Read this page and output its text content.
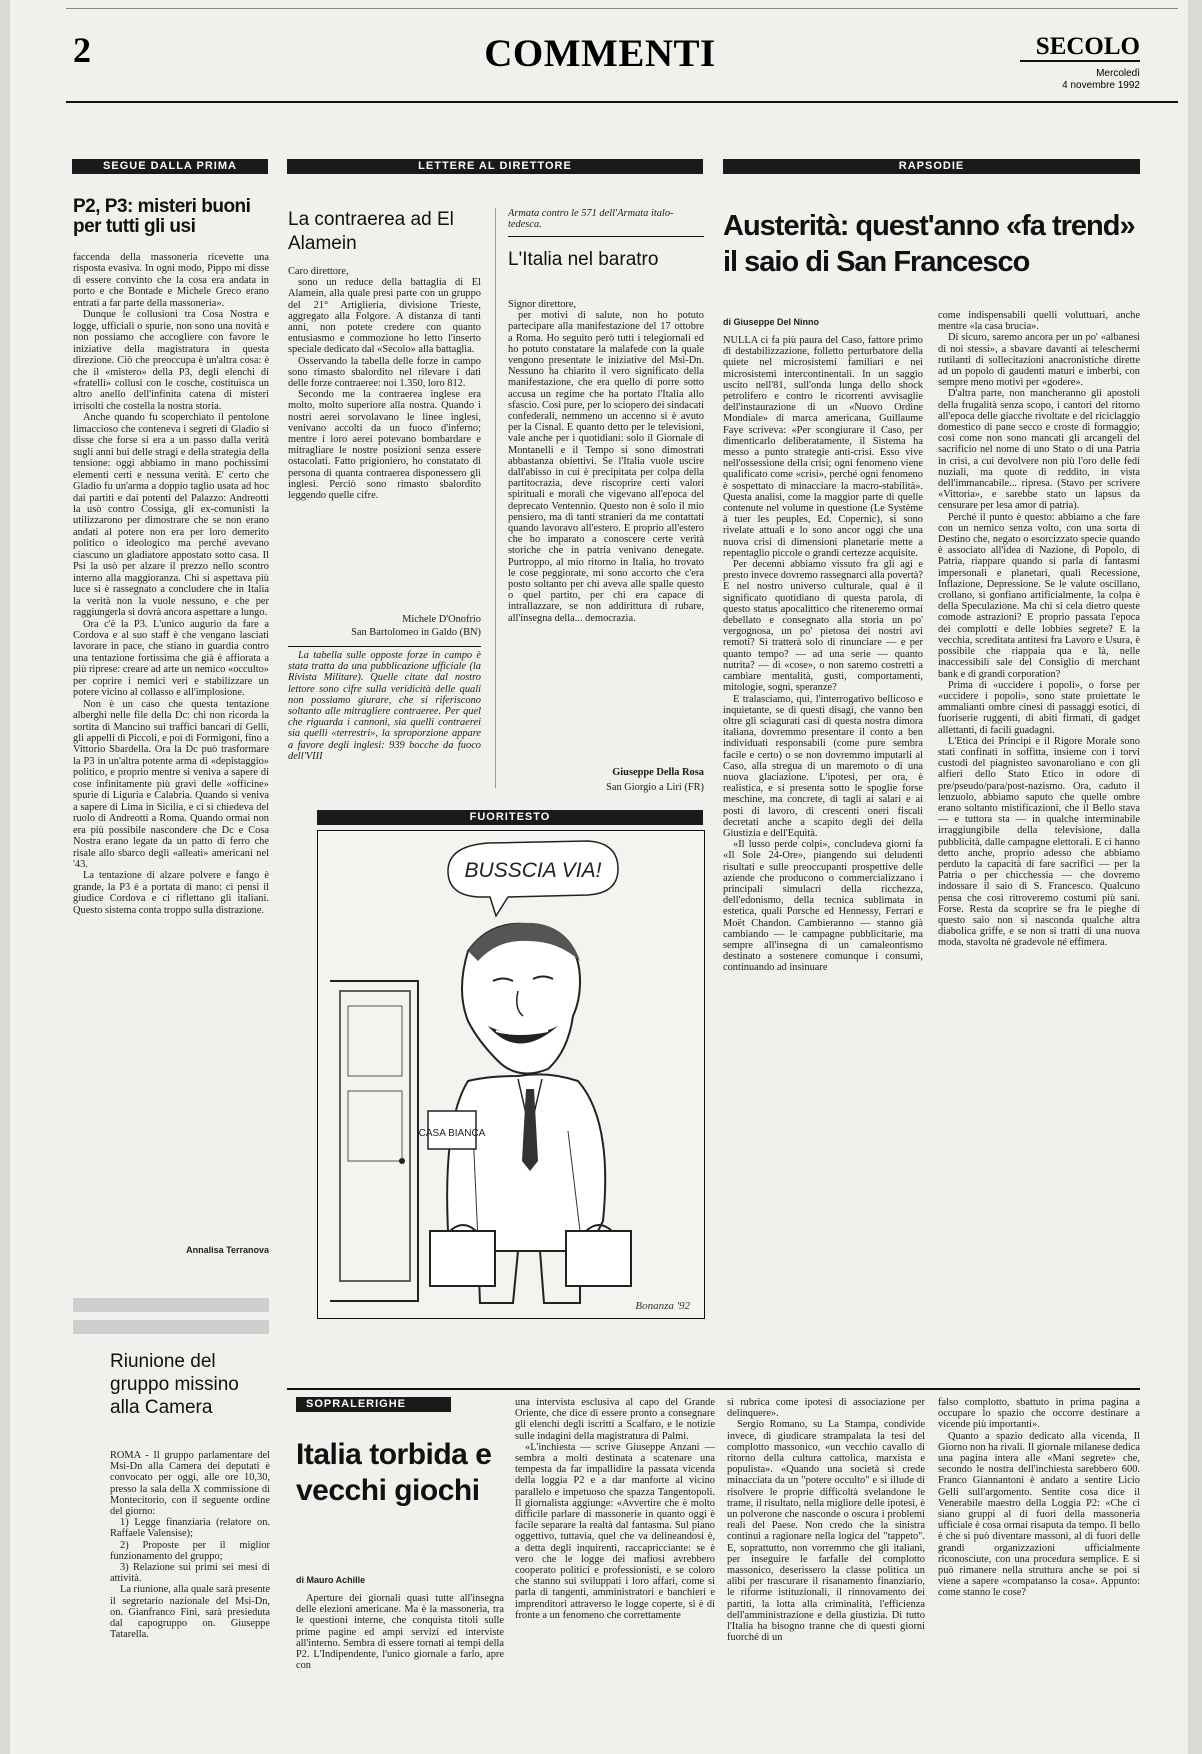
2	COMMENTI	SECOLO
Mercoledì
4 novembre 1992
SEGUE DALLA PRIMA
P2, P3: misteri buoni per tutti gli usi

faccenda della massoneria ricevette una risposta evasiva. In ogni modo, Pippo mi disse di essere convinto che la cosa era andata in porto e che Bontade e Michele Greco erano entrati a far parte della massoneria».

Dunque le collusioni tra Cosa Nostra e logge, ufficiali o spurie, non sono una novità e non possiamo che accogliere con favore le iniziative della magistratura in questa direzione. Ciò che preoccupa è un'altra cosa: è che il «mistero» della P3, degli elenchi di «fratelli» collusi con le cosche, costituisca un altro anello dell'infinita catena di misteri irrisolti che costella la nostra storia.

Anche quando fu scoperchiato il pentolone limaccioso che conteneva i segreti di Gladio si disse che forse si era a un passo dalla verità sugli anni bui delle stragi e della strategia della tensione: oggi abbiamo in mano pochissimi elementi certi e nessuna verità. E' certo che Gladio fu un'arma a doppio taglio usata ad hoc dai partiti e dai potenti del Palazzo: Andreotti la usò contro Cossiga, gli ex-comunisti la utilizzarono per dimostrare che se non erano andati al potere non era per loro demerito politico o ideologico ma perché avevano ciascuno un gladiatore appostato sotto casa. Il Psi la usò per alzare il prezzo nello scontro interno alla maggioranza. Chi si aspettava più luce si è rassegnato a concludere che in Italia la verità non la vuole nessuno, e che per raggiungerla si dovrà ancora aspettare a lungo.

Ora c'è la P3. L'unico augurio da fare a Cordova e al suo staff è che vengano lasciati lavorare in pace, che stiano in guardia contro una tentazione fortissima che già è affiorata a più riprese: creare ad arte un nemico «occulto» per coprire i nemici veri e stabilizzare un potere vicino al collasso e all'implosione.

Non è un caso che questa tentazione alberghi nelle file della Dc: chi non ricorda la sortita di Mancino sui traffici bancari di Gelli, gli appelli di Piccoli, e poi di Formigoni, fino a Vittorio Sbardella. Ora la Dc può trasformare la P3 in un'altra potente arma di «depistaggio» politico, e proprio mentre si veniva a sapere di cose infinitamente più gravi delle «officine» spurie di Liguria e Calabria. Quando si veniva a sapere di Lima in Sicilia, e ci si chiedeva del ruolo di Andreotti a Roma. Quando ormai non era più possibile nascondere che Dc e Cosa Nostra erano legate da un patto di ferro che risale allo sbarco degli «alleati» americani nel '43.

La tentazione di alzare polvere e fango è grande, la P3 è a portata di mano: ci pensi il giudice Cordova e ci riflettano gli italiani. Questo sistema conta troppo sulla distrazione.

Annalisa Terranova
Riunione del gruppo missino alla Camera

ROMA - Il gruppo parlamentare del Msi-Dn alla Camera dei deputati è convocato per oggi, alle ore 10,30, presso la sala della X commissione di Montecitorio, con il seguente ordine del giorno:

1) Legge finanziaria (relatore on. Raffaele Valensise);

2) Proposte per il miglior funzionamento del gruppo;

3) Relazione sui primi sei mesi di attività.

La riunione, alla quale sarà presente il segretario nazionale del Msi-Dn, on. Gianfranco Fini, sarà presieduta dal capogruppo on. Giuseppe Tatarella.

LETTERE AL DIRETTORE
La contraerea ad El Alamein

Caro direttore,

sono un reduce della battaglia di El Alamein, alla quale presi parte con un gruppo del 21° Artiglieria, divisione Trieste, aggregato alla Folgore. A distanza di tanti anni, non potete credere con quanto entusiasmo e commozione ho letto l'inserto speciale dedicato dal «Secolo» alla battaglia.

Osservando la tabella delle forze in campo sono rimasto sbalordito nel rilevare i dati delle forze contraeree: noi 1.350, loro 812.

Secondo me la contraerea inglese era molto, molto superiore alla nostra. Quando i nostri aerei sorvolavano le linee inglesi, venivano accolti da un fuoco d'inferno; mentre i loro aerei potevano bombardare e mitragliare le nostre posizioni senza essere ostacolati. Fatto prigioniero, ho constatato di persona di quanta contraerea disponessero gli inglesi. Perciò sono rimasto sbalordito leggendo quelle cifre.

Michele D'Onofrio
San Bartolomeo in Galdo (BN)

La tabella sulle opposte forze in campo è stata tratta da una pubblicazione ufficiale (la Rivista Militare). Quelle citate dal nostro lettore sono cifre sulla veridicità delle quali non possiamo giurare, che si riferiscono soltanto alle mitragliere contraeree. Per quel che riguarda i cannoni, sia quelli contraerei sia quelli «terrestri», la sproporzione appare a favore degli inglesi: 939 bocche da fuoco dell'VIII

Armata contro le 571 dell'Armata italo-tedesca.

L'Italia nel baratro

Signor direttore,

per motivi di salute, non ho potuto partecipare alla manifestazione del 17 ottobre a Roma. Ho seguito però tutti i telegiornali ed ho potuto constatare la malafede con la quale vengono presentate le iniziative del Msi-Dn. Nessuno ha chiarito il vero significato della manifestazione, che era quello di porre sotto accusa un regime che ha portato l'Italia allo sfascio. Così pure, per lo sciopero dei sindacati confederali, nemmeno un accenno si è avuto per la Cisnal. E quanto detto per le televisioni, vale anche per i quotidiani: solo il Giornale di Montanelli e il Tempo si sono dimostrati abbastanza obiettivi. Se l'Italia vuole uscire dall'abisso in cui è precipitata per colpa della partitocrazia, deve riscoprire certi valori spirituali e morali che vigevano all'epoca del deprecato Ventennio. Questo non è solo il mio pensiero, ma di tanti stranieri da me contattati quando lavoravo all'estero. E proprio all'estero che ho imparato a conoscere certe verità storiche che in patria venivano denegate. Purtroppo, al mio ritorno in Italia, ho trovato le cose peggiorate, mi sono accorto che c'era posto soltanto per chi aveva alle spalle questo o quel partito, per chi era capace di intrallazzare, se non addirittura di rubare, all'insegna della... democrazia.

Giuseppe Della Rosa
San Giorgio a Liri (FR)
FUORITESTO
BUSSCIA VIA!
CASA BIANCA
Bonanza '92
RAPSODIE
Austerità: quest'anno «fa trend» il saio di San Francesco
di Giuseppe Del Ninno

NULLA ci fa più paura del Caso, fattore primo di destabilizzazione, folletto perturbatore della quiete nel microsistemi familiari e nei microsistemi intercontinentali. In un saggio uscito nell'81, sull'onda lunga dello shock petrolifero e contro le ricorrenti avvisaglie dell'instaurazione di un «Nuovo Ordine Mondiale» di marca americana, Guillaume Faye scriveva: «Per scongiurare il Caso, per dimenticarlo deliberatamente, il Sistema ha messo a punto strategie anti-crisi. Esso vive nell'ossessione della crisi; ogni fenomeno viene qualificato come «crisi», perché ogni fenomeno è sospettato di minacciare la macro-stabilità». Questa analisi, come la maggior parte di quelle contenute nel volume in questione (Le Système à tuer les peuples, Ed. Copernic), si sono rivelate attuali e lo sono ancor oggi che una nuova crisi di dimensioni planetarie mette a repentaglio piccole o grandi certezze acquisite.

Per decenni abbiamo vissuto fra gli agi e presto invece dovremo rassegnarci alla povertà? E nel nostro universo culturale, qual è il significato quotidiano di questa parola, di questo status apocalittico che riteneremo ormai debellato e consegnato alla storia un po' vergognosa, un po' pietosa dei nostri avi remoti? Si tratterà solo di rinunciare — e per quanto tempo? — ad una serie — quanto nutrita? — di «cose», o non saremo costretti a cambiare mentalità, gusti, comportamenti, mitologie, sogni, speranze?

E tralasciamo, qui, l'interrogativo bellicoso e inquietante, se di questi disagi, che vanno ben oltre gli sciagurati casi di questa nostra dimora italiana, dovremmo presentare il conto a ben individuati responsabili (come pure sembra facile e certo) o se non dovremmo imputarli al Caso, alla stregua di un maremoto o di una nuova glaciazione. L'ipotesi, per ora, è realistica, e si presenta sotto le spoglie forse meschine, ma concrete, di tagli ai salari e ai posti di lavoro, di crescenti oneri fiscali decretati anche a scapito degli dei della Giustizia e dell'Equità.

«Il lusso perde colpi», concludeva giorni fa «Il Sole 24-Ore», piangendo sui deludenti risultati e sulle preoccupanti prospettive delle aziende che producono o commercializzano i principali simulacri della ricchezza, dell'edonismo, della tecnica sublimata in estetica, quali Porsche ed Hennessy, Ferrari e Moët Chandon. Cambieranno — stanno già cambiando — le campagne pubblicitarie, ma sempre all'insegna di un camaleontismo destinato a sostenere comunque i consumi, continuando ad insinuare

come indispensabili quelli voluttuari, anche mentre «la casa brucia».

Di sicuro, saremo ancora per un po' «albanesi di noi stessi», a sbavare davanti ai teleschermi rutilanti di sollecitazioni anacronistiche dirette ad un popolo di gaudenti maturi e imberbi, con sempre meno motivi per «godere».

D'altra parte, non mancheranno gli apostoli della frugalità senza scopo, i cantori del ritorno all'epoca delle giacche rivoltate e del riciclaggio domestico di pane secco e croste di formaggio; così come non sono mancati gli arcangeli del sacrificio nel nome di uno Stato o di una Patria in crisi, a cui devolvere non più l'oro delle fedi nuziali, ma quote di reddito, in vista dell'immancabile... ripresa. (Stavo per scrivere «Vittoria», e sarebbe stato un lapsus da censurare per lesa amor di patria).

Perché il punto è questo: abbiamo a che fare con un nemico senza volto, con una sorta di Destino che, negato o esorcizzato specie quando è associato all'idea di Nazione, di Popolo, di Patria, riappare quando si parla di fantasmi impersonali e planetari, quali Recessione, Inflazione, Depressione. Se le valute oscillano, crollano, si gonfiano artificialmente, la colpa è della Speculazione. Ma chi si cela dietro queste comode astrazioni? E proprio passata l'epoca dei complotti e delle lobbies segrete? E la vecchia, screditata antitesi fra Lavoro e Usura, è possibile che riappaia qua e là, nelle inaccessibili sale del Consiglio di merchant bank e di grandi corporation?

Prima di «uccidere i popoli», o forse per «uccidere i popoli», sono state proiettate le ammalianti ombre cinesi di passaggi esotici, di fuoriserie ruggenti, di abiti firmati, di gadget allettanti, di facili guadagni.

L'Etica dei Principi e il Rigore Morale sono stati confinati in soffitta, insieme con i torvi custodi del piagnisteo savonaroliano e con gli alfieri dello Stato Etico in odore di pre/pseudo/para/post-nazismo. Ora, caduto il lenzuolo, abbiamo saputo che quelle ombre erano soltanto mistificazioni, che il Bello stava — e tuttora sta — in qualche interminabile irraggiungibile della televisione, dalla pubblicità, dalle campagne elettorali. E ci hanno detto anche, proprio adesso che abbiamo perduto la capacità di fare sacrifici — per la Patria o per chicchessia — che dovremo indossare il saio di S. Francesco. Qualcuno pensa che così ritroveremo costumi più sani. Forse. Resta da scoprire se fra le pieghe di questo saio non si nasconda qualche altra diabolica griffe, e se non si tratti di una nuova moda, stavolta né gradevole né effimera.

SOPRALERIGHE
Italia torbida e vecchi giochi
di Mauro Achille

Aperture dei giornali quasi tutte all'insegna delle elezioni americane. Ma è la massoneria, tra le questioni interne, che conquista titoli sulle prime pagine ed ampi servizi ed interviste all'interno. Sembra di essere tornati ai tempi della P2. L'Indipendente, l'unico giornale a farlo, apre con

una intervista esclusiva al capo del Grande Oriente, che dice di essere pronto a consegnare gli elenchi degli iscritti a Scalfaro, e le notizie sulle indagini della magistratura di Palmi.

«L'inchiesta — scrive Giuseppe Anzani — sembra a molti destinata a scatenare una tempesta da far impallidire la passata vicenda della loggia P2 e a dar manforte al vicino parallelo e impetuoso che spazza Tangentopoli. Il giornalista aggiunge: «Avvertire che è molto difficile parlare di massonerie in quanto oggi è facile separare la realtà dal fantasma. Sul piano oggettivo, tuttavia, quel che va delineandosi è, a detta degli inquirenti, raccapricciante: se è vero che le logge dei mafiosi avrebbero cooperato politici e professionisti, e se coloro che stanno sui sviluppati i loro affari, come si parla di tangenti, amministratori e banchieri e imprenditori attraverso le logge coperte, si è di fronte a un fenomeno che correttamente

si rubrica come ipotesi di associazione per delinquere».

Sergio Romano, su La Stampa, condivide invece, di giudicare strampalata la tesi del complotto massonico, «un vecchio cavallo di ritorno della cultura cattolica, marxista e populista». «Quando una società si crede minacciata da un "potere occulto" e si illude di risolvere le proprie difficoltà svelandone le trame, il risultato, nella migliore delle ipotesi, è un polverone che nasconde o oscura i problemi reali del Paese. Non credo che la sinistra continui a ragionare nella logica del "tappeto". E, soprattutto, non vorremmo che gli italiani, per inseguire le farfalle del complotto massonico, deserissero la classe politica un alibi per trascurare il risanamento finanziario, le riforme istituzionali, il rinnovamento dei partiti, la lotta alla criminalità, l'efficienza dell'amministrazione e della giustizia. Di tutto l'Italia ha bisogno tranne che di questi giorni fuorché di un

falso complotto, sbattuto in prima pagina a occupare lo spazio che occorre destinare a vicende più importanti».

Quanto a spazio dedicato alla vicenda, Il Giorno non ha rivali. Il giornale milanese dedica una pagina intera alle «Mani segrete» che, secondo le nostra dell'inchiesta sarebbero 600. Franco Giannantoni è andato a sentire Licio Gelli sull'argomento. Sentite cosa dice il Venerabile maestro della Loggia P2: «Che ci siano gruppi al di fuori della massoneria ufficiale è cosa ormai risaputa da tempo. Il bello è che si può diventare massoni, al di fuori delle grandi organizzazioni ufficialmente riconosciute, con una procedura semplice. E si può rimanere nella struttura anche se poi si viene a sapere «compatanso la cosa». Appunto: come stanno le cose?
